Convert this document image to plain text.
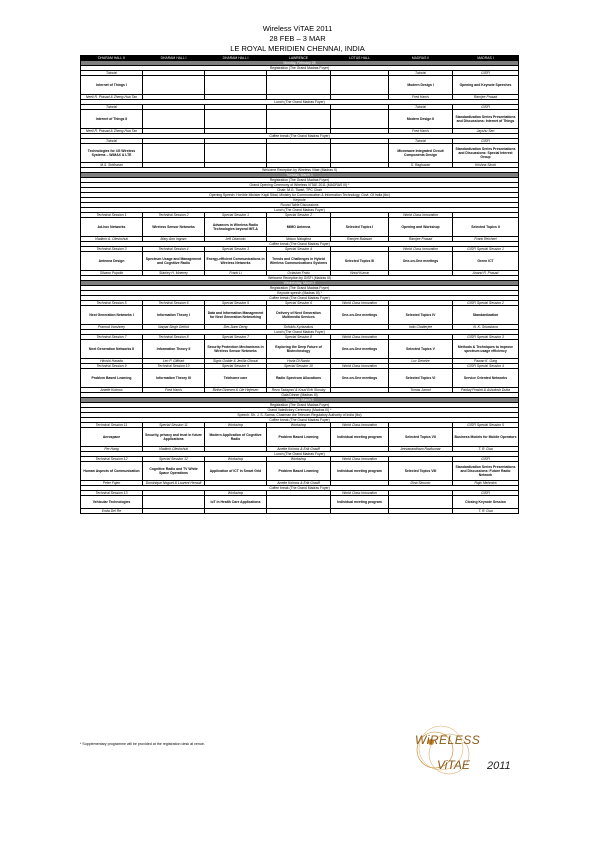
Wireless ViTAE 2011
28 FEB – 3 MAR
LE ROYAL MERIDIEN CHENNAI, INDIA
DHARAM HALL II	DHARAM HALL I	DHARAM HALL I	LAWRENCE	LOTUS HALL	MADRAS II	MADRAS I
Monday, February 28						
Registration (The Grand Madras Foyer)						
Tutorial					Tutorial	GISFI
Internet of Things I					Modern Design I	Opening and Keynote Speeches
Neeli R. Prasad & Zheng-Hua Tan					Fred Harris	Ramjee Prasad
Lunch (The Grand Madras Foyer)						
Tutorial					Tutorial	GISFI
Internet of Things II					Modern Design II	Standardization Series Presentations and Discussions: Internet of Things
Neeli R. Prasad & Zheng-Hua Tan					Fred Harris	Jayshu Sen
Coffee break (The Grand Madras Foyer)						
Tutorial					Tutorial	GISFI
Technologies for 4G Wireless Systems – WiMAX & LTE					Microwave Integrated Circuit Components Design	Standardization Series Presentations and Discussions: Special Interest Group
M.S. Sridharan					S. Raghavan	Krishna Sirohi
Welcome Reception by Wireless Vitae (Madras II)						
Tuesday, March 1						
Registration (The Grand Madras Foyer)						
Grand Opening Ceremony of Wireless VITAE 2011 (MADRAS III) *						
Chair: M.G. Tiwari, TPC Chair						
Opening Speech: Hon'ble Minister Kapil Sibal, Ministry for Communication & Information Technology, Govt. Of India (tbc)						
Keynote						
Round Table Discussions						
Lunch (The Grand Madras Foyer)						
Technical Session 1	Technical Session 2	Special Session 1	Special Session 2		World Class Innovation	
Ad-hoc Networks	Wireless Sensor Networks	Advances in Wireless Radio Technologies beyond IMT-A	MIMO Antenna	Selected Topics I	Opening and Workshop	Selected Topics II
Vladimir A. Oleshchuk	Mary Ann Ingram	Jeff Okamoto	Nobuo Nakajima	Ramjee Balasan	Ramjee Prasad	Frank Reichert
Coffee break (The Grand Madras Foyer)						
Technical Session 3	Technical Session 4	Special Session 3	Special Session 4		World Class Innovation	GISFI Special Session 1
Antenna Design	Spectrum Usage and Management and Cognitive Radio	Energy-efficient Communications in Wireless Networks	Trends and Challenges in Hybrid Wireless Communications Systems	Selected Topics III	One-on-One meetings	Green ICT
Silvano Pupolin	Stanley H. Mneney	Frank Li	Octavian Fratu	Vinod Kumar		Anand R. Prasad
Welcome Reception by GISFI (Madras III)						
Wednesday, March 2						
Registration (The Grand Madras Foyer)						
Keynote speech (Madras III) *						
Coffee break (The Grand Madras Foyer)						
Technical Session 5	Technical Session 6	Special Session 5	Special Session 6	World Class Innovation		GISFI Special Session 2
Next Generation Networks I	Information Theory I	Data and Information Management for Next Generation Networking	Delivery of Next Generation Multimedia Services	One-on-One meetings	Selected Topics IV	Standardization
Pramod Varshney	Narpat Singh Gehlot	Der-Jiunn Deng	Sofoklis Kyriazakos		Indo Chatterjee	N. K. Srivastava
Lunch (The Grand Madras Foyer)						
Technical Session 7	Technical Session 8	Special Session 7	Special Session 8	World Class Innovation		GISFI Special Session 3
Next Generation Networks II	Information Theory II	Security Protection Mechanisms in Wireless Sensor Networks	Exploring the Deep Future of Biotechnology	One-on-One meetings	Selected Topics V	Methods & Techniques to improve spectrum usage efficiency
Hiroshi Harada	Leo P. Gifthart	Sigris Godde & Jenilia Ghosal	Horia Di Nardo		Luc Deneire	Pawan K. Garg
Technical Session 9	Technical Session 10	Special Session 9	Special Session 10	World Class Innovation		GISFI Special Session 4
Problem Based Learning	Information Theory III	Telehome care	Radio Spectrum Allocations	One-on-One meetings	Selected Topics VI	Service Oriented Networks
Anette Kolmos	Fred Harris	Birthe Dinesen & Ole Hejlesen	Reza Tadayoni & Knud Erik Skouby		Tomas Jarnot	Pankaj Prashti & Ashutosh Dutta
Gala Dinner (Madras III)						
Thursday, March 3						
Registration (The Grand Madras Foyer)						
Grand Valedictory Ceremony (Madras III) *						
Speech: Sh. J. S. Sarma, Chairman the Telecom Regulatory Authority of India (tbc)						
Coffee break (The Grand Madras Foyer)						
Technical Session 11	Special Session 11	Workshop	Workshop	World Class Innovation		GISFI Special Session 5
Aerospace	Security, privacy and trust in future Applications	Modern Application of Cognitive Radio	Problem Based Learning	Individual meeting program	Selected Topics VII	Business Models for Mobile Operators
Per Hang	Vladimir Oleshchuk		Anette Kolmos & Erik Graaff		Jeevanandham Ravikumar	T. R. Dua
Lunch (The Grand Madras Foyer)						
Technical Session 12	Special Session 12	Workshop	Workshop	World Class Innovation		GISFI
Human Aspects of Communication	Cognitive Radio and TV White Space Operations	Application of ICT in Smart Grid	Problem Based Learning	Individual meeting program	Selected Topics VIII	Standardization Series Presentations and Discussions: Future Radio Network
Peter Fajen	Dominique Noguet & Laurent Herault		Anette Kolmos & Erik Graaff		Dina Simunic	Rajiv Mehrotra
Coffee break (The Grand Madras Foyer)						
Technical Session 13		Workshop		World Class Innovation		GISFI
Vehicular Technologies		IoT in Health Care Applications		Individual meeting program		Closing Keynote Session
Enda Del Re						T. R. Dua
* Supplementary programme will be provided at the registration desk at venue.	WiRELESS
ViTAE 2011
